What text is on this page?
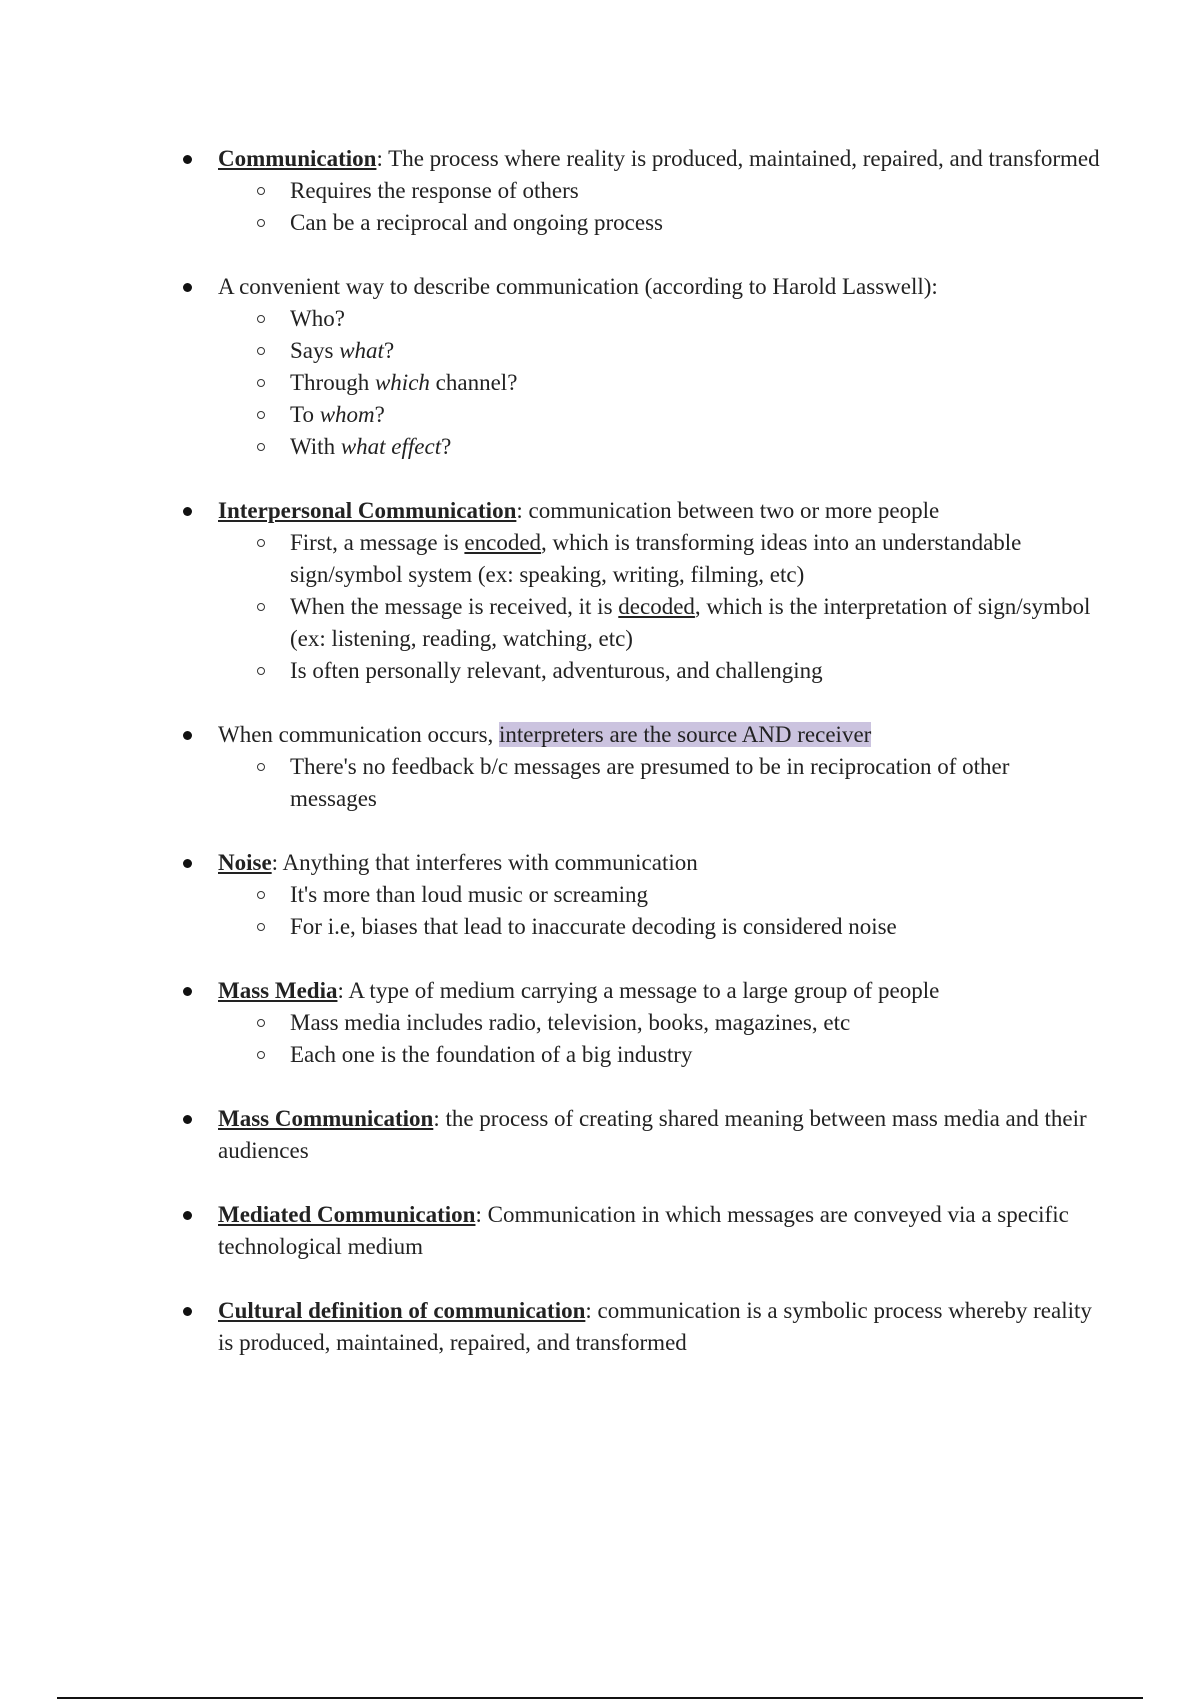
Communication: The process where reality is produced, maintained, repaired, and transformed
Requires the response of others
Can be a reciprocal and ongoing process
A convenient way to describe communication (according to Harold Lasswell):
Who?
Says what?
Through which channel?
To whom?
With what effect?
Interpersonal Communication: communication between two or more people
First, a message is encoded, which is transforming ideas into an understandable sign/symbol system (ex: speaking, writing, filming, etc)
When the message is received, it is decoded, which is the interpretation of sign/symbol (ex: listening, reading, watching, etc)
Is often personally relevant, adventurous, and challenging
When communication occurs, interpreters are the source AND receiver
There's no feedback b/c messages are presumed to be in reciprocation of other messages
Noise: Anything that interferes with communication
It's more than loud music or screaming
For i.e, biases that lead to inaccurate decoding is considered noise
Mass Media: A type of medium carrying a message to a large group of people
Mass media includes radio, television, books, magazines, etc
Each one is the foundation of a big industry
Mass Communication: the process of creating shared meaning between mass media and their audiences
Mediated Communication: Communication in which messages are conveyed via a specific technological medium
Cultural definition of communication: communication is a symbolic process whereby reality is produced, maintained, repaired, and transformed
